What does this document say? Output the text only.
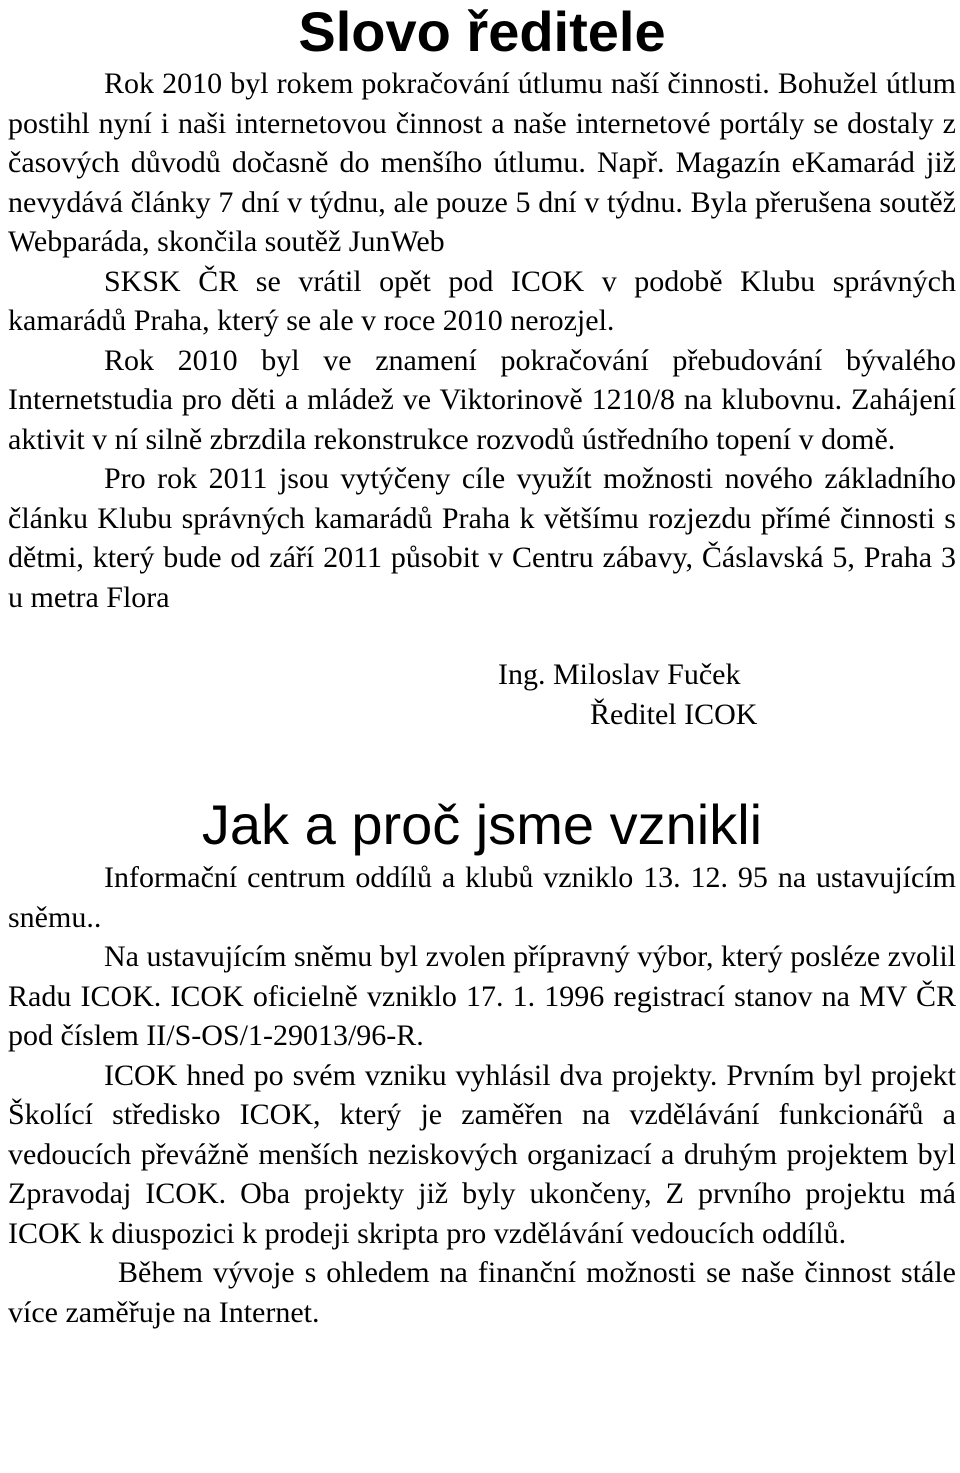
Slovo ředitele

Rok 2010 byl rokem pokračování útlumu naší činnosti. Bohužel útlum postihl nyní i naši internetovou činnost a naše internetové portály se dostaly z časových důvodů dočasně do menšího útlumu. Např. Magazín eKamarád již nevydává články 7 dní v týdnu, ale pouze 5 dní v týdnu. Byla přerušena soutěž Webparáda, skončila soutěž JunWeb

SKSK ČR se vrátil opět pod ICOK v podobě Klubu správných kamarádů Praha, který se ale v roce 2010 nerozjel.

Rok 2010 byl ve znamení pokračování přebudování bývalého Internetstudia pro děti a mládež ve Viktorinově 1210/8 na klubovnu. Zahájení aktivit v ní silně zbrzdila rekonstrukce rozvodů ústředního topení v domě.

Pro rok 2011 jsou vytýčeny cíle využít možnosti nového základního článku Klubu správných kamarádů Praha k většímu rozjezdu přímé činnosti s dětmi, který bude od září 2011 působit v Centru zábavy, Čáslavská 5, Praha 3 u metra Flora

Ing. Miloslav Fuček

Ředitel ICOK

Jak a proč jsme vznikli

Informační centrum oddílů a klubů vzniklo 13. 12. 95 na ustavujícím sněmu..

Na ustavujícím sněmu byl zvolen přípravný výbor, který posléze zvolil Radu ICOK. ICOK oficielně vzniklo 17. 1. 1996 registrací stanov na MV ČR pod číslem II/S-OS/1-29013/96-R.

ICOK hned po svém vzniku vyhlásil dva projekty. Prvním byl projekt Školící středisko ICOK, který je zaměřen na vzdělávání funkcionářů a vedoucích převážně menších neziskových organizací a druhým projektem byl Zpravodaj ICOK. Oba projekty již byly ukončeny, Z prvního projektu má ICOK k diuspozici k prodeji skripta pro vzdělávání vedoucích oddílů.

Během vývoje s ohledem na finanční možnosti se naše činnost stále více zaměřuje na Internet.
